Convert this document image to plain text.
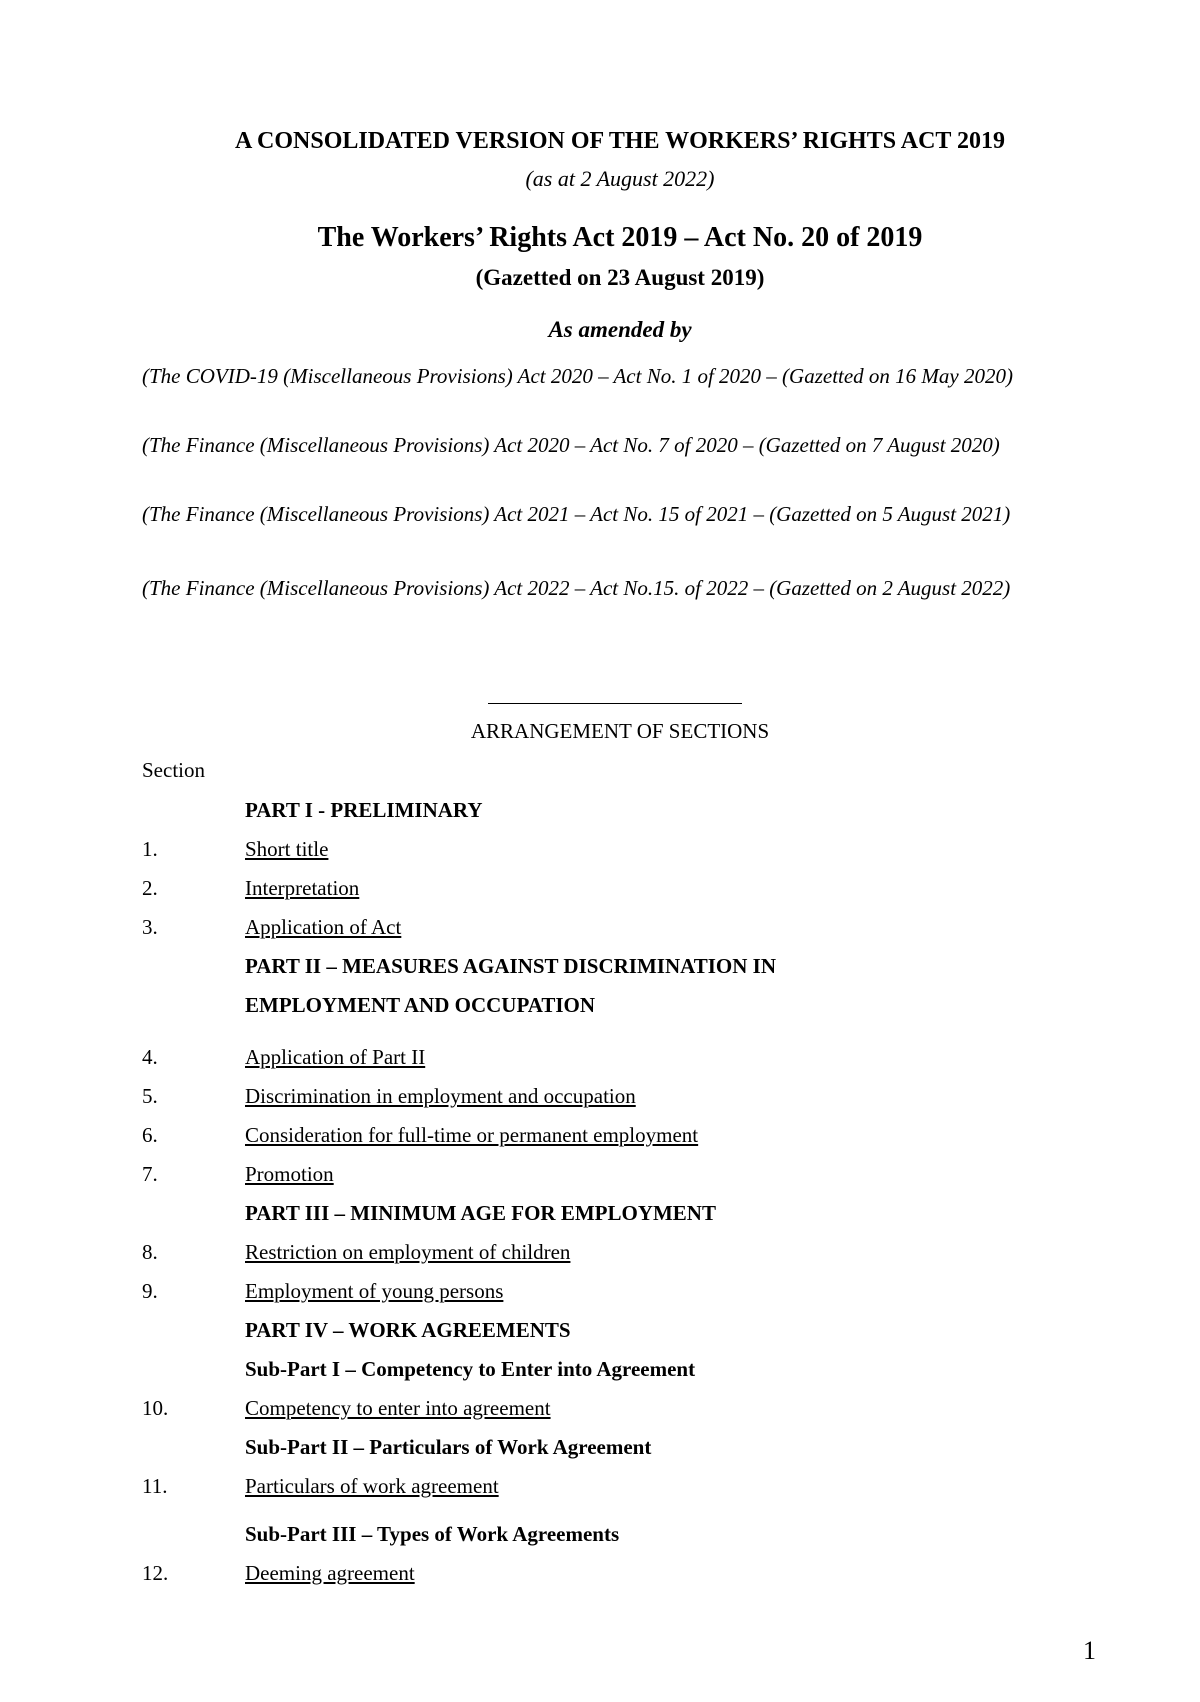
A CONSOLIDATED VERSION OF THE WORKERS’ RIGHTS ACT 2019
(as at 2 August 2022)
The Workers’ Rights Act 2019 – Act No. 20 of 2019
(Gazetted on 23 August 2019)
As amended by
(The COVID-19 (Miscellaneous Provisions) Act 2020 – Act No. 1 of 2020 – (Gazetted on 16 May 2020)
(The Finance (Miscellaneous Provisions) Act 2020 – Act No. 7 of 2020 – (Gazetted on 7 August 2020)
(The Finance (Miscellaneous Provisions) Act 2021 – Act No. 15 of 2021 – (Gazetted on 5 August 2021)
(The Finance (Miscellaneous Provisions) Act 2022 – Act No.15. of 2022 – (Gazetted on 2 August 2022)
ARRANGEMENT OF SECTIONS
Section
PART I - PRELIMINARY
1.	Short title
2.	Interpretation
3.	Application of Act
PART II – MEASURES AGAINST DISCRIMINATION IN
EMPLOYMENT AND OCCUPATION
4.	Application of Part II
5.	Discrimination in employment and occupation
6.	Consideration for full-time or permanent employment
7.	Promotion
PART III – MINIMUM AGE FOR EMPLOYMENT
8.	Restriction on employment of children
9.	Employment of young persons
PART IV – WORK AGREEMENTS
Sub-Part I – Competency to Enter into Agreement
10.	Competency to enter into agreement
Sub-Part II – Particulars of Work Agreement
11.	Particulars of work agreement
Sub-Part III – Types of Work Agreements
12.	Deeming agreement
1
